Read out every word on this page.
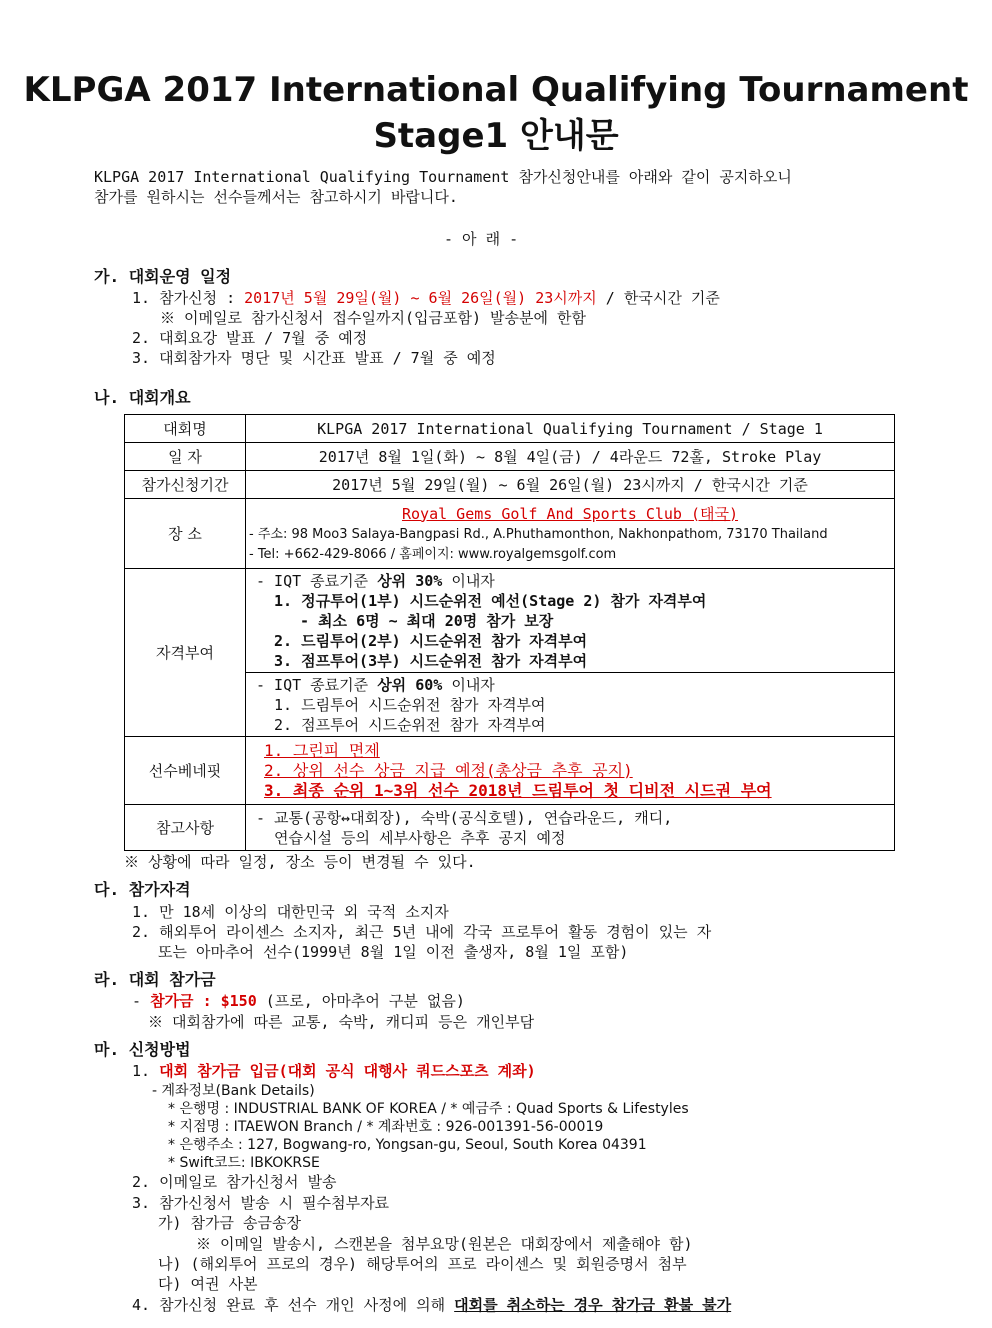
KLPGA 2017 International Qualifying Tournament
Stage1 안내문
KLPGA 2017 International Qualifying Tournament 참가신청안내를 아래와 같이 공지하오니
참가를 원하시는 선수들께서는 참고하시기 바랍니다.
- 아 래 -
가. 대회운영 일정
1. 참가신청 : 2017년 5월 29일(월) ~ 6월 26일(월) 23시까지 / 한국시간 기준
※ 이메일로 참가신청서 접수일까지(입금포함) 발송분에 한함
2. 대회요강 발표 / 7월 중 예정
3. 대회참가자 명단 및 시간표 발표 / 7월 중 예정
나. 대회개요
대회명	KLPGA 2017 International Qualifying Tournament / Stage 1
일 자	2017년 8월 1일(화) ~ 8월 4일(금) / 4라운드 72홀, Stroke Play
참가신청기간	2017년 5월 29일(월) ~ 6월 26일(월) 23시까지 / 한국시간 기준
장 소	Royal Gems Golf And Sports Club (태국)
- 주소: 98 Moo3 Salaya-Bangpasi Rd., A.Phuthamonthon, Nakhonpathom, 73170 Thailand
- Tel: +662-429-8066 / 홈페이지: www.royalgemsgolf.com

자격부여	- IQT 종료기준 상위 30% 이내자
1. 정규투어(1부) 시드순위전 예선(Stage 2) 참가 자격부여
- 최소 6명 ~ 최대 20명 참가 보장
2. 드림투어(2부) 시드순위전 참가 자격부여
3. 점프투어(3부) 시드순위전 참가 자격부여

	- IQT 종료기준 상위 60% 이내자
1. 드림투어 시드순위전 참가 자격부여
2. 점프투어 시드순위전 참가 자격부여

선수베네핏	1. 그린피 면제
2. 상위 선수 상금 지급 예정(총상금 추후 공지)
3. 최종 순위 1~3위 선수 2018년 드림투어 첫 디비전 시드권 부여

참고사항	- 교통(공항↔대회장), 숙박(공식호텔), 연습라운드, 캐디,
연습시설 등의 세부사항은 추후 공지 예정
※ 상황에 따라 일정, 장소 등이 변경될 수 있다.
다. 참가자격
1. 만 18세 이상의 대한민국 외 국적 소지자
2. 해외투어 라이센스 소지자, 최근 5년 내에 각국 프로투어 활동 경험이 있는 자
또는 아마추어 선수(1999년 8월 1일 이전 출생자, 8월 1일 포함)
라. 대회 참가금
- 참가금 : $150 (프로, 아마추어 구분 없음)
※ 대회참가에 따른 교통, 숙박, 캐디피 등은 개인부담
마. 신청방법
1. 대회 참가금 입금(대회 공식 대행사 쿼드스포츠 계좌)
- 계좌정보(Bank Details)
* 은행명 : INDUSTRIAL BANK OF KOREA / * 예금주 : Quad Sports & Lifestyles
* 지점명 : ITAEWON Branch / * 계좌번호 : 926-001391-56-00019
* 은행주소 : 127, Bogwang-ro, Yongsan-gu, Seoul, South Korea 04391
* Swift코드: IBKOKRSE
2. 이메일로 참가신청서 발송
3. 참가신청서 발송 시 필수첨부자료
가) 참가금 송금송장
※ 이메일 발송시, 스캔본을 첨부요망(원본은 대회장에서 제출해야 함)
나) (해외투어 프로의 경우) 해당투어의 프로 라이센스 및 회원증명서 첨부
다) 여권 사본
4. 참가신청 완료 후 선수 개인 사정에 의해 대회를 취소하는 경우 참가금 환불 불가
